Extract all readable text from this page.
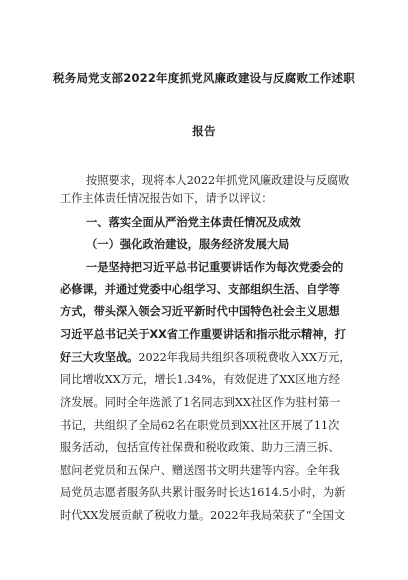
税务局党支部2022年度抓党风廉政建设与反腐败工作述职
报告
按照要求，现将本人2022年抓党风廉政建设与反腐败
工作主体责任情况报告如下，请予以评议：
一、落实全面从严治党主体责任情况及成效
（一）强化政治建设，服务经济发展大局
一是坚持把习近平总书记重要讲话作为每次党委会的
必修课，并通过党委中心组学习、支部组织生活、自学等
方式，带头深入领会习近平新时代中国特色社会主义思想
习近平总书记关于XX省工作重要讲话和指示批示精神，打
好三大攻坚战。2022年我局共组织各项税费收入XX万元，
同比增收XX万元，增长1.34%，有效促进了XX区地方经
济发展。同时全年选派了1名同志到XX社区作为驻村第一
书记，共组织了全局62名在职党员到XX社区开展了11次
服务活动，包括宣传社保费和税收政策、助力三清三拆、
慰问老党员和五保户、赠送图书文明共建等内容。全年我
局党员志愿者服务队共累计服务时长达1614.5小时，为新
时代XX发展贡献了税收力量。2022年我局荣获了“全国文
